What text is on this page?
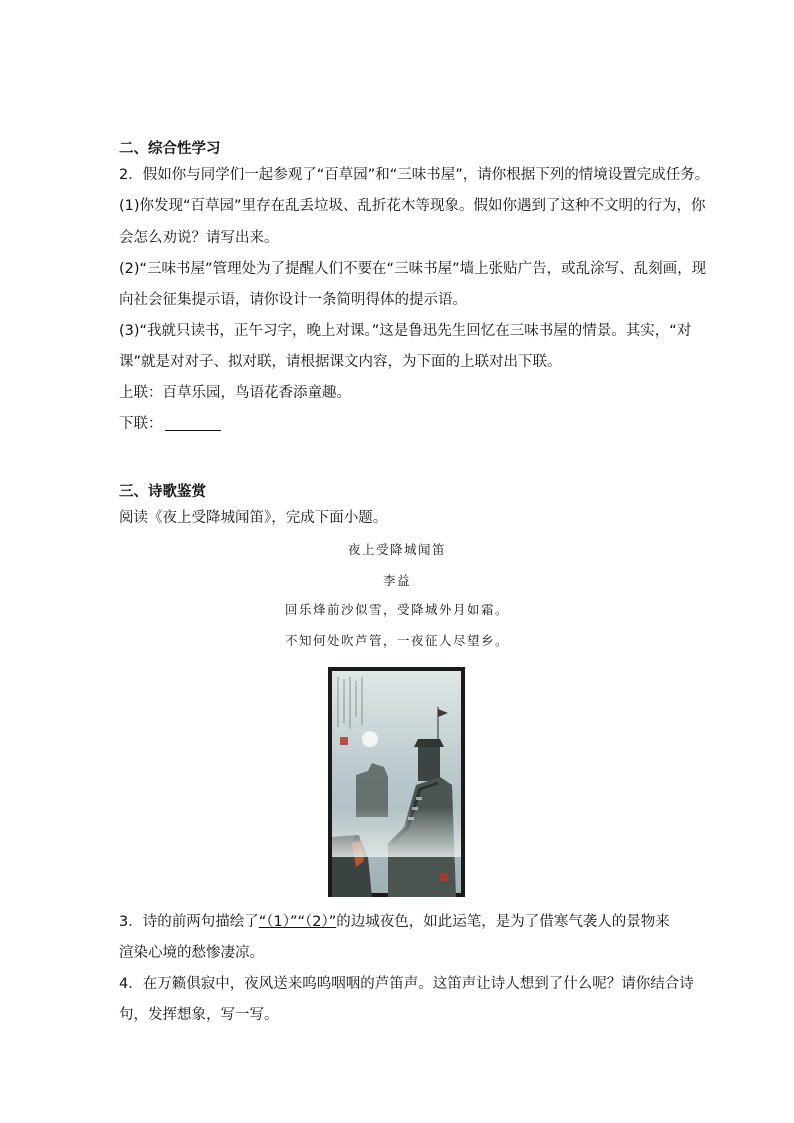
二、综合性学习
2．假如你与同学们一起参观了“百草园”和“三味书屋”，请你根据下列的情境设置完成任务。
(1)你发现“百草园”里存在乱丢垃圾、乱折花木等现象。假如你遇到了这种不文明的行为，你
会怎么劝说？请写出来。
(2)“三味书屋”管理处为了提醒人们不要在“三味书屋”墙上张贴广告，或乱涂写、乱刻画，现
向社会征集提示语，请你设计一条简明得体的提示语。
(3)“我就只读书，正午习字，晚上对课。”这是鲁迅先生回忆在三味书屋的情景。其实，“对
课”就是对对子、拟对联，请根据课文内容，为下面的上联对出下联。
上联：百草乐园，鸟语花香添童趣。
下联：
三、诗歌鉴赏
阅读《夜上受降城闻笛》，完成下面小题。
夜上受降城闻笛
李益
回乐烽前沙似雪，受降城外月如霜。
不知何处吹芦管，一夜征人尽望乡。
3．诗的前两句描绘了“（1）”“（2）”的边城夜色，如此运笔，是为了借寒气袭人的景物来
渲染心境的愁惨凄凉。
4．在万籁俱寂中，夜风送来呜呜咽咽的芦笛声。这笛声让诗人想到了什么呢？请你结合诗
句，发挥想象，写一写。
